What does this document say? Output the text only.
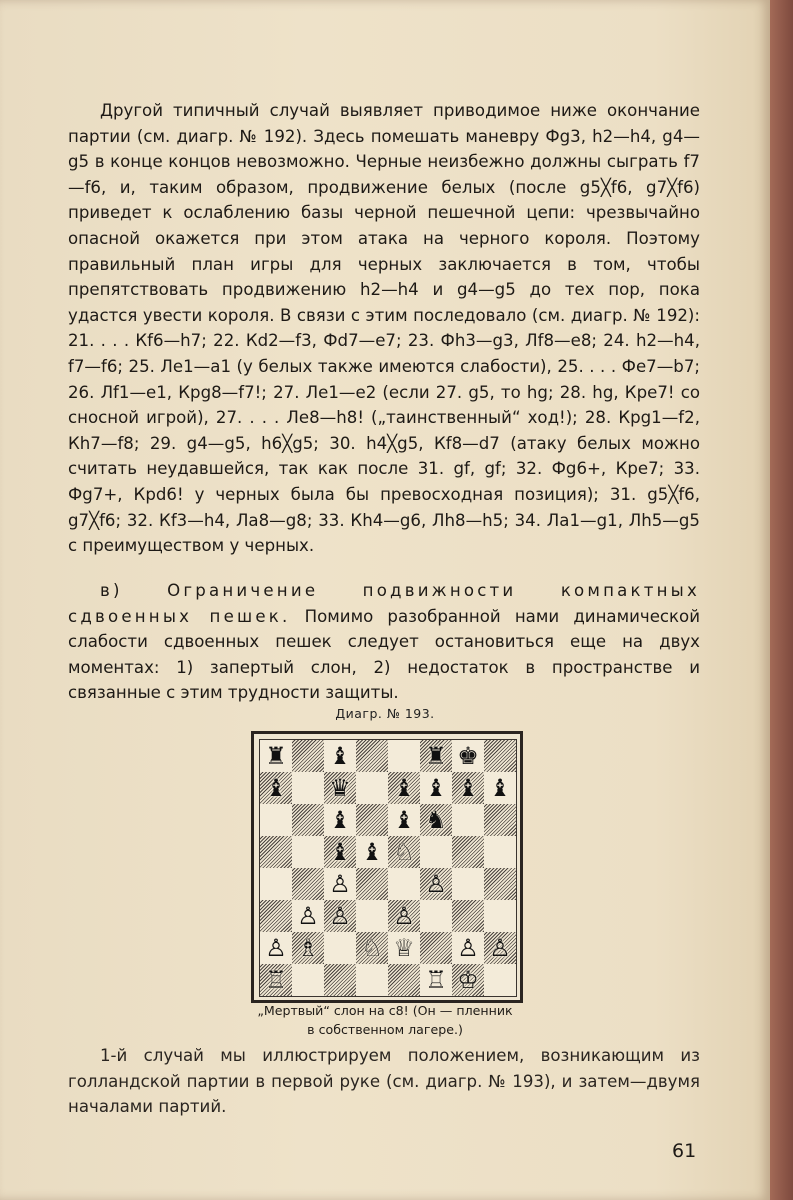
Другой типичный случай выявляет приводимое ниже окончание партии (см. диагр. № 192). Здесь помешать маневру Фg3, h2—h4, g4—g5 в конце концов невозможно. Черные неизбежно должны сыграть f7—f6, и, таким образом, продвижение белых (после g5╳f6, g7╳f6) приведет к ослаблению базы черной пешечной цепи: чрезвычайно опасной окажется при этом атака на черного короля. Поэтому правильный план игры для черных заключается в том, чтобы препятствовать продвижению h2—h4 и g4—g5 до тех пор, пока удастся увести короля. В связи с этим последовало (см. диагр. № 192): 21. . . . Кf6—h7; 22. Кd2—f3, Фd7—e7; 23. Фh3—g3, Лf8—e8; 24. h2—h4, f7—f6; 25. Лe1—a1 (у белых также имеются слабости), 25. . . . Фe7—b7; 26. Лf1—e1, Крg8—f7!; 27. Лe1—e2 (если 27. g5, то hg; 28. hg, Кре7! со сносной игрой), 27. . . . Лe8—h8! („таинственный“ ход!); 28. Крg1—f2, Кh7—f8; 29. g4—g5, h6╳g5; 30. h4╳g5, Кf8—d7 (атаку белых можно считать неудавшейся, так как после 31. gf, gf; 32. Фg6+, Кре7; 33. Фg7+, Крd6! у черных была бы превосходная позиция); 31. g5╳f6, g7╳f6; 32. Кf3—h4, Лa8—g8; 33. Кh4—g6, Лh8—h5; 34. Лa1—g1, Лh5—g5 с преимуществом у черных.

в) Ограничение подвижности компактных сдвоенных пешек. Помимо разобранной нами динамической слабости сдвоенных пешек следует остановиться еще на двух моментах: 1) запертый слон, 2) недостаток в пространстве и связанные с этим трудности защиты.

Диагр. № 193.
♜ ♝	♜ ♚
♝ ♛ ♝ ♝ ♝ ♝
♝ ♝ ♞
♝ ♝ ♘
♙	♙
♙ ♙ ♙
♙ ♗ ♘ ♕ ♙ ♙
♖	♖ ♔
„Мертвый“ слон на с8! (Он — пленник
в собственном лагере.)

1-й случай мы иллюстрируем положением, возникающим из голландской партии в первой руке (см. диагр. № 193), и затем—двумя началами партий.

61
